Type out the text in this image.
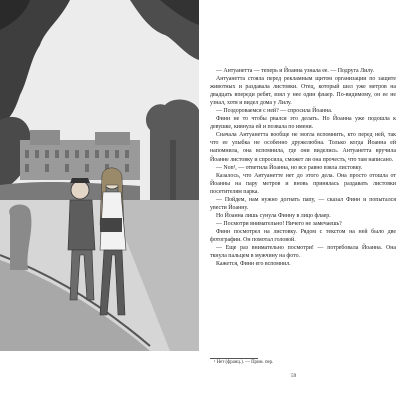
— Антуанетта — теперь и Йоанна узнала ее. — Подруга Лилу.

Антуанетта стояла перед рекламным щитом организации по защите животных и раздавала листовки. Отец, который шел уже метров на двадцать впереди ребят, взял у нее один флаер. По-видимому, он ее не узнал, хотя и видел дома у Лилу.

— Поздороваемся с ней? — спросила Йоанна.

Финн не то чтобы рвался это делать. Но Йоанна уже подошла к девушке, кивнула ей и позвала по имени.

Сначала Антуанетта вообще не могла вспомнить, кто перед ней, так что ее улыбка не особенно дружелюбна. Только когда Йоанна ей напомнила, она вспомнила, где они виделись. Антуанетта вручила Йоанне листовку и спросила, сможет ли она прочесть, что там написано.

— Non¹, — ответила Йоанна, но все равно взяла листовку.

Казалось, что Антуанетте нет до этого дела. Она просто отошла от Йоанны на пару метров и вновь принялась раздавать листовки посетителям парка.

— Пойдем, нам нужно догнать папу, — сказал Финн и попытался увести Йоанну.

Но Йоанна лишь сунула Финну в лицо флаер.

— Посмотри внимательно! Ничего не замечаешь?

Финн посмотрел на листовку. Рядом с текстом на ней было две фотографии. Он помотал головой.

— Еще раз внимательно посмотри! — потребовала Йоанна. Она ткнула пальцем в мужчину на фото.

Кажется, Финн его вспомнил.

¹ Нет (франц.). — Прим. пер.
59
